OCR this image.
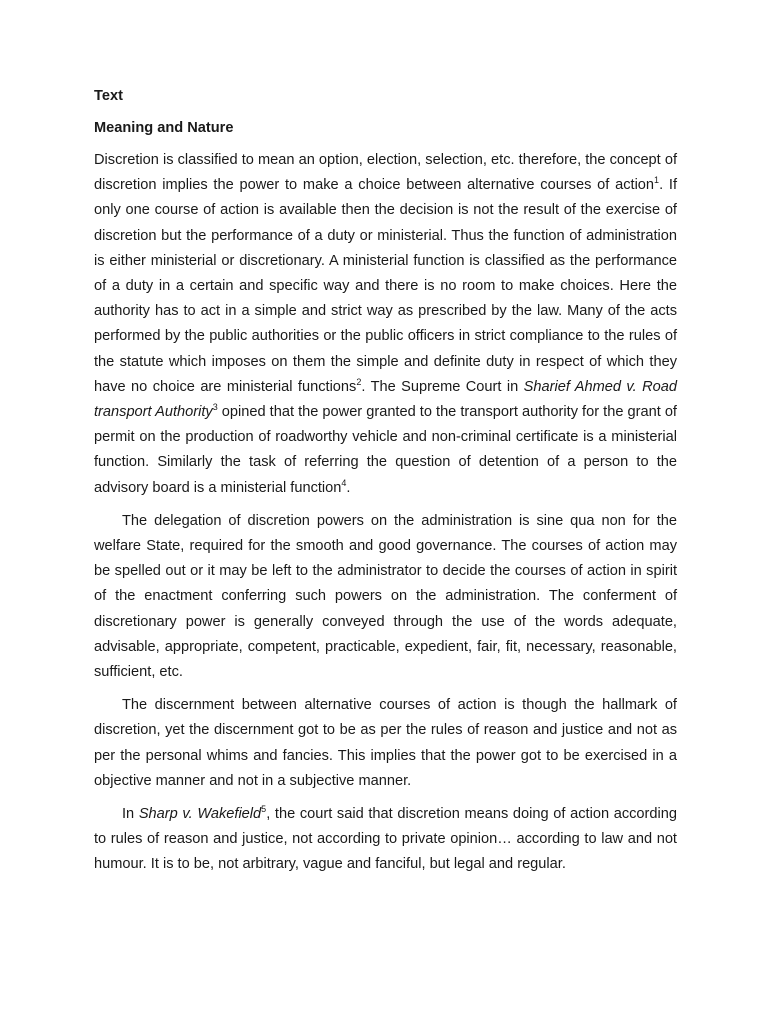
Text

Meaning and Nature

Discretion is classified to mean an option, election, selection, etc. therefore, the concept of discretion implies the power to make a choice between alternative courses of action$^1$. If only one course of action is available then the decision is not the result of the exercise of discretion but the performance of a duty or ministerial. Thus the function of administration is either ministerial or discretionary. A ministerial function is classified as the performance of a duty in a certain and specific way and there is no room to make choices. Here the authority has to act in a simple and strict way as prescribed by the law. Many of the acts performed by the public authorities or the public officers in strict compliance to the rules of the statute which imposes on them the simple and definite duty in respect of which they have no choice are ministerial functions$^2$. The Supreme Court in Sharief Ahmed v. Road transport Authority$^3$ opined that the power granted to the transport authority for the grant of permit on the production of roadworthy vehicle and non-criminal certificate is a ministerial function. Similarly the task of referring the question of detention of a person to the advisory board is a ministerial function$^4$.

The delegation of discretion powers on the administration is sine qua non for the welfare State, required for the smooth and good governance. The courses of action may be spelled out or it may be left to the administrator to decide the courses of action in spirit of the enactment conferring such powers on the administration. The conferment of discretionary power is generally conveyed through the use of the words adequate, advisable, appropriate, competent, practicable, expedient, fair, fit, necessary, reasonable, sufficient, etc.

The discernment between alternative courses of action is though the hallmark of discretion, yet the discernment got to be as per the rules of reason and justice and not as per the personal whims and fancies. This implies that the power got to be exercised in a objective manner and not in a subjective manner.

In Sharp v. Wakefield$^5$, the court said that discretion means doing of action according to rules of reason and justice, not according to private opinion… according to law and not humour. It is to be, not arbitrary, vague and fanciful, but legal and regular.
